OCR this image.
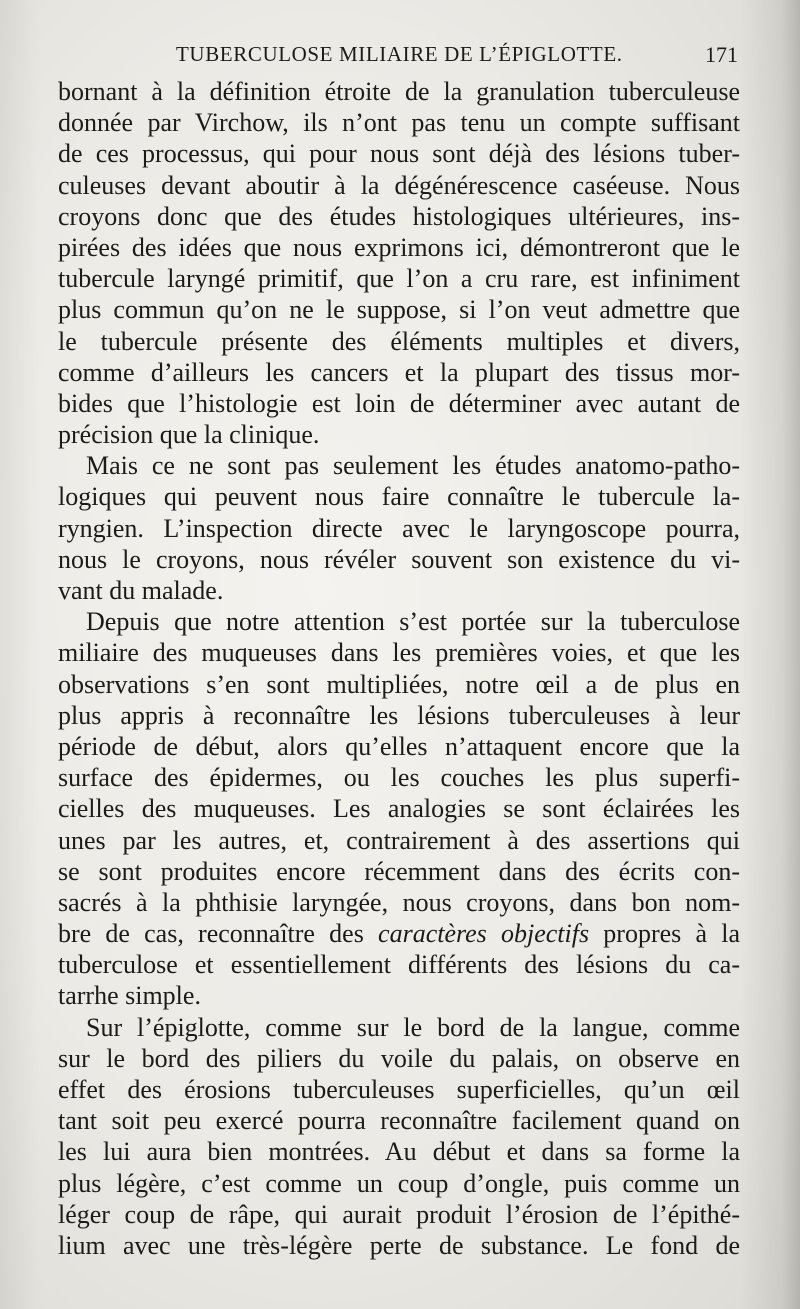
TUBERCULOSE MILIAIRE DE L’ÉPIGLOTTE.	171

bornant à la définition étroite de la granulation tuberculeuse
donnée par Virchow, ils n’ont pas tenu un compte suffisant
de ces processus, qui pour nous sont déjà des lésions tuber-
culeuses devant aboutir à la dégénérescence caséeuse. Nous
croyons donc que des études histologiques ultérieures, ins-
pirées des idées que nous exprimons ici, démontreront que le
tubercule laryngé primitif, que l’on a cru rare, est infiniment
plus commun qu’on ne le suppose, si l’on veut admettre que
le tubercule présente des éléments multiples et divers,
comme d’ailleurs les cancers et la plupart des tissus mor-
bides que l’histologie est loin de déterminer avec autant de
précision que la clinique.

Mais ce ne sont pas seulement les études anatomo-patho-
logiques qui peuvent nous faire connaître le tubercule la-
ryngien. L’inspection directe avec le laryngoscope pourra,
nous le croyons, nous révéler souvent son existence du vi-
vant du malade.

Depuis que notre attention s’est portée sur la tuberculose
miliaire des muqueuses dans les premières voies, et que les
observations s’en sont multipliées, notre œil a de plus en
plus appris à reconnaître les lésions tuberculeuses à leur
période de début, alors qu’elles n’attaquent encore que la
surface des épidermes, ou les couches les plus superfi-
cielles des muqueuses. Les analogies se sont éclairées les
unes par les autres, et, contrairement à des assertions qui
se sont produites encore récemment dans des écrits con-
sacrés à la phthisie laryngée, nous croyons, dans bon nom-
bre de cas, reconnaître des caractères objectifs propres à la
tuberculose et essentiellement différents des lésions du ca-
tarrhe simple.

Sur l’épiglotte, comme sur le bord de la langue, comme
sur le bord des piliers du voile du palais, on observe en
effet des érosions tuberculeuses superficielles, qu’un œil
tant soit peu exercé pourra reconnaître facilement quand on
les lui aura bien montrées. Au début et dans sa forme la
plus légère, c’est comme un coup d’ongle, puis comme un
léger coup de râpe, qui aurait produit l’érosion de l’épithé-
lium avec une très-légère perte de substance. Le fond de
